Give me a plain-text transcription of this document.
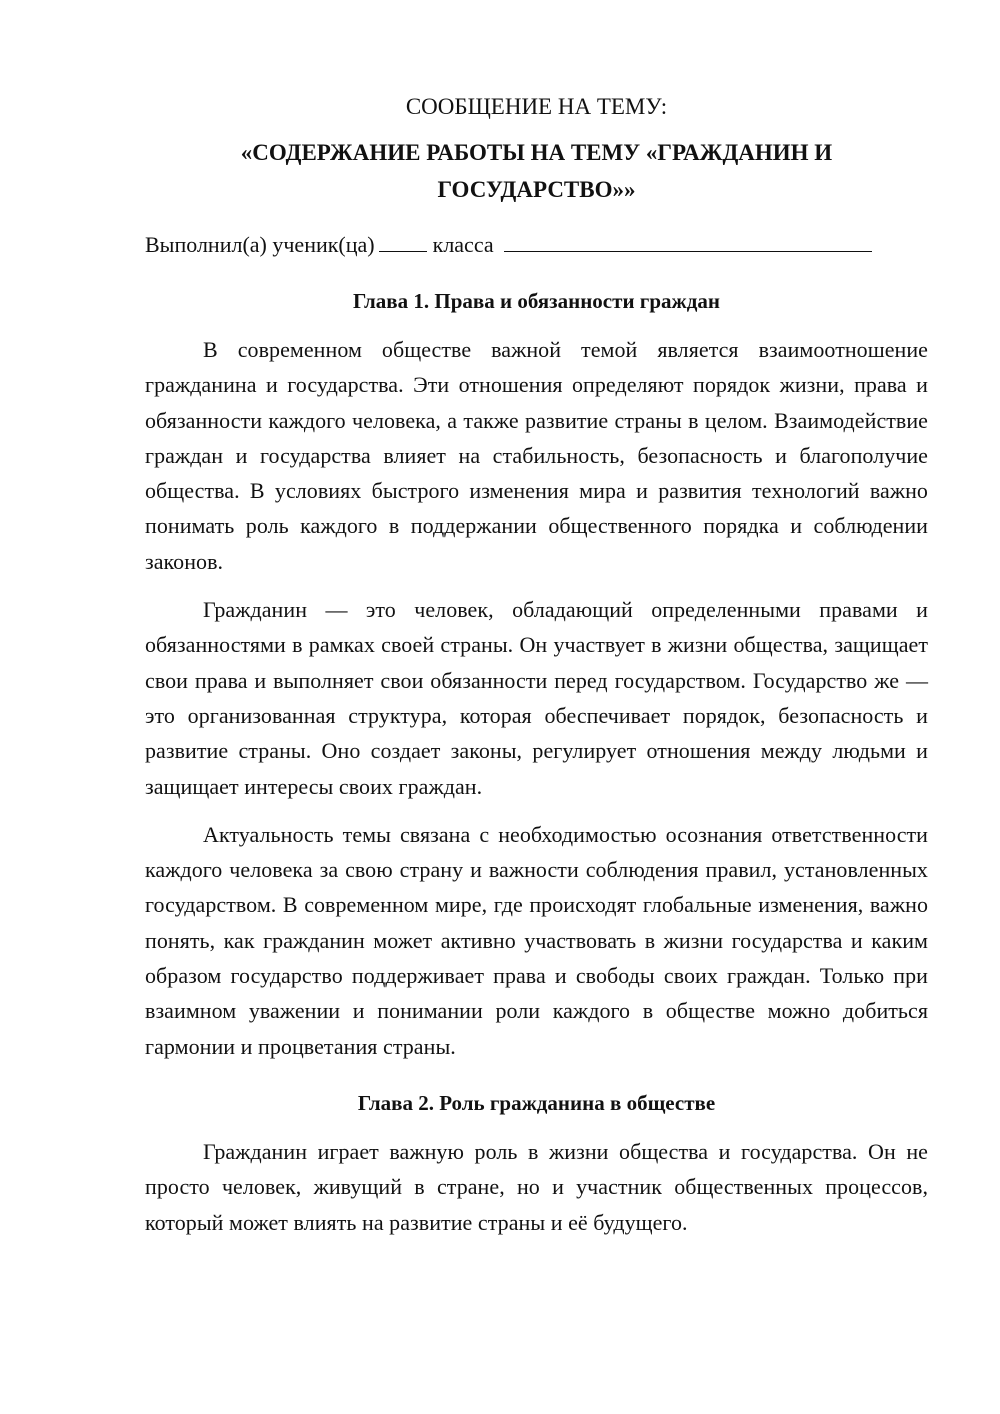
СООБЩЕНИЕ НА ТЕМУ:

«СОДЕРЖАНИЕ РАБОТЫ НА ТЕМУ «ГРАЖДАНИН И ГОСУДАРСТВО»»

Выполнил(а) ученик(ца)	класса

Глава 1. Права и обязанности граждан

В современном обществе важной темой является взаимоотношение гражданина и государства. Эти отношения определяют порядок жизни, права и обязанности каждого человека, а также развитие страны в целом. Взаимодействие граждан и государства влияет на стабильность, безопасность и благополучие общества. В условиях быстрого изменения мира и развития технологий важно понимать роль каждого в поддержании общественного порядка и соблюдении законов.

Гражданин — это человек, обладающий определенными правами и обязанностями в рамках своей страны. Он участвует в жизни общества, защищает свои права и выполняет свои обязанности перед государством. Государство же — это организованная структура, которая обеспечивает порядок, безопасность и развитие страны. Оно создает законы, регулирует отношения между людьми и защищает интересы своих граждан.

Актуальность темы связана с необходимостью осознания ответственности каждого человека за свою страну и важности соблюдения правил, установленных государством. В современном мире, где происходят глобальные изменения, важно понять, как гражданин может активно участвовать в жизни государства и каким образом государство поддерживает права и свободы своих граждан. Только при взаимном уважении и понимании роли каждого в обществе можно добиться гармонии и процветания страны.

Глава 2. Роль гражданина в обществе

Гражданин играет важную роль в жизни общества и государства. Он не просто человек, живущий в стране, но и участник общественных процессов, который может влиять на развитие страны и её будущего.
